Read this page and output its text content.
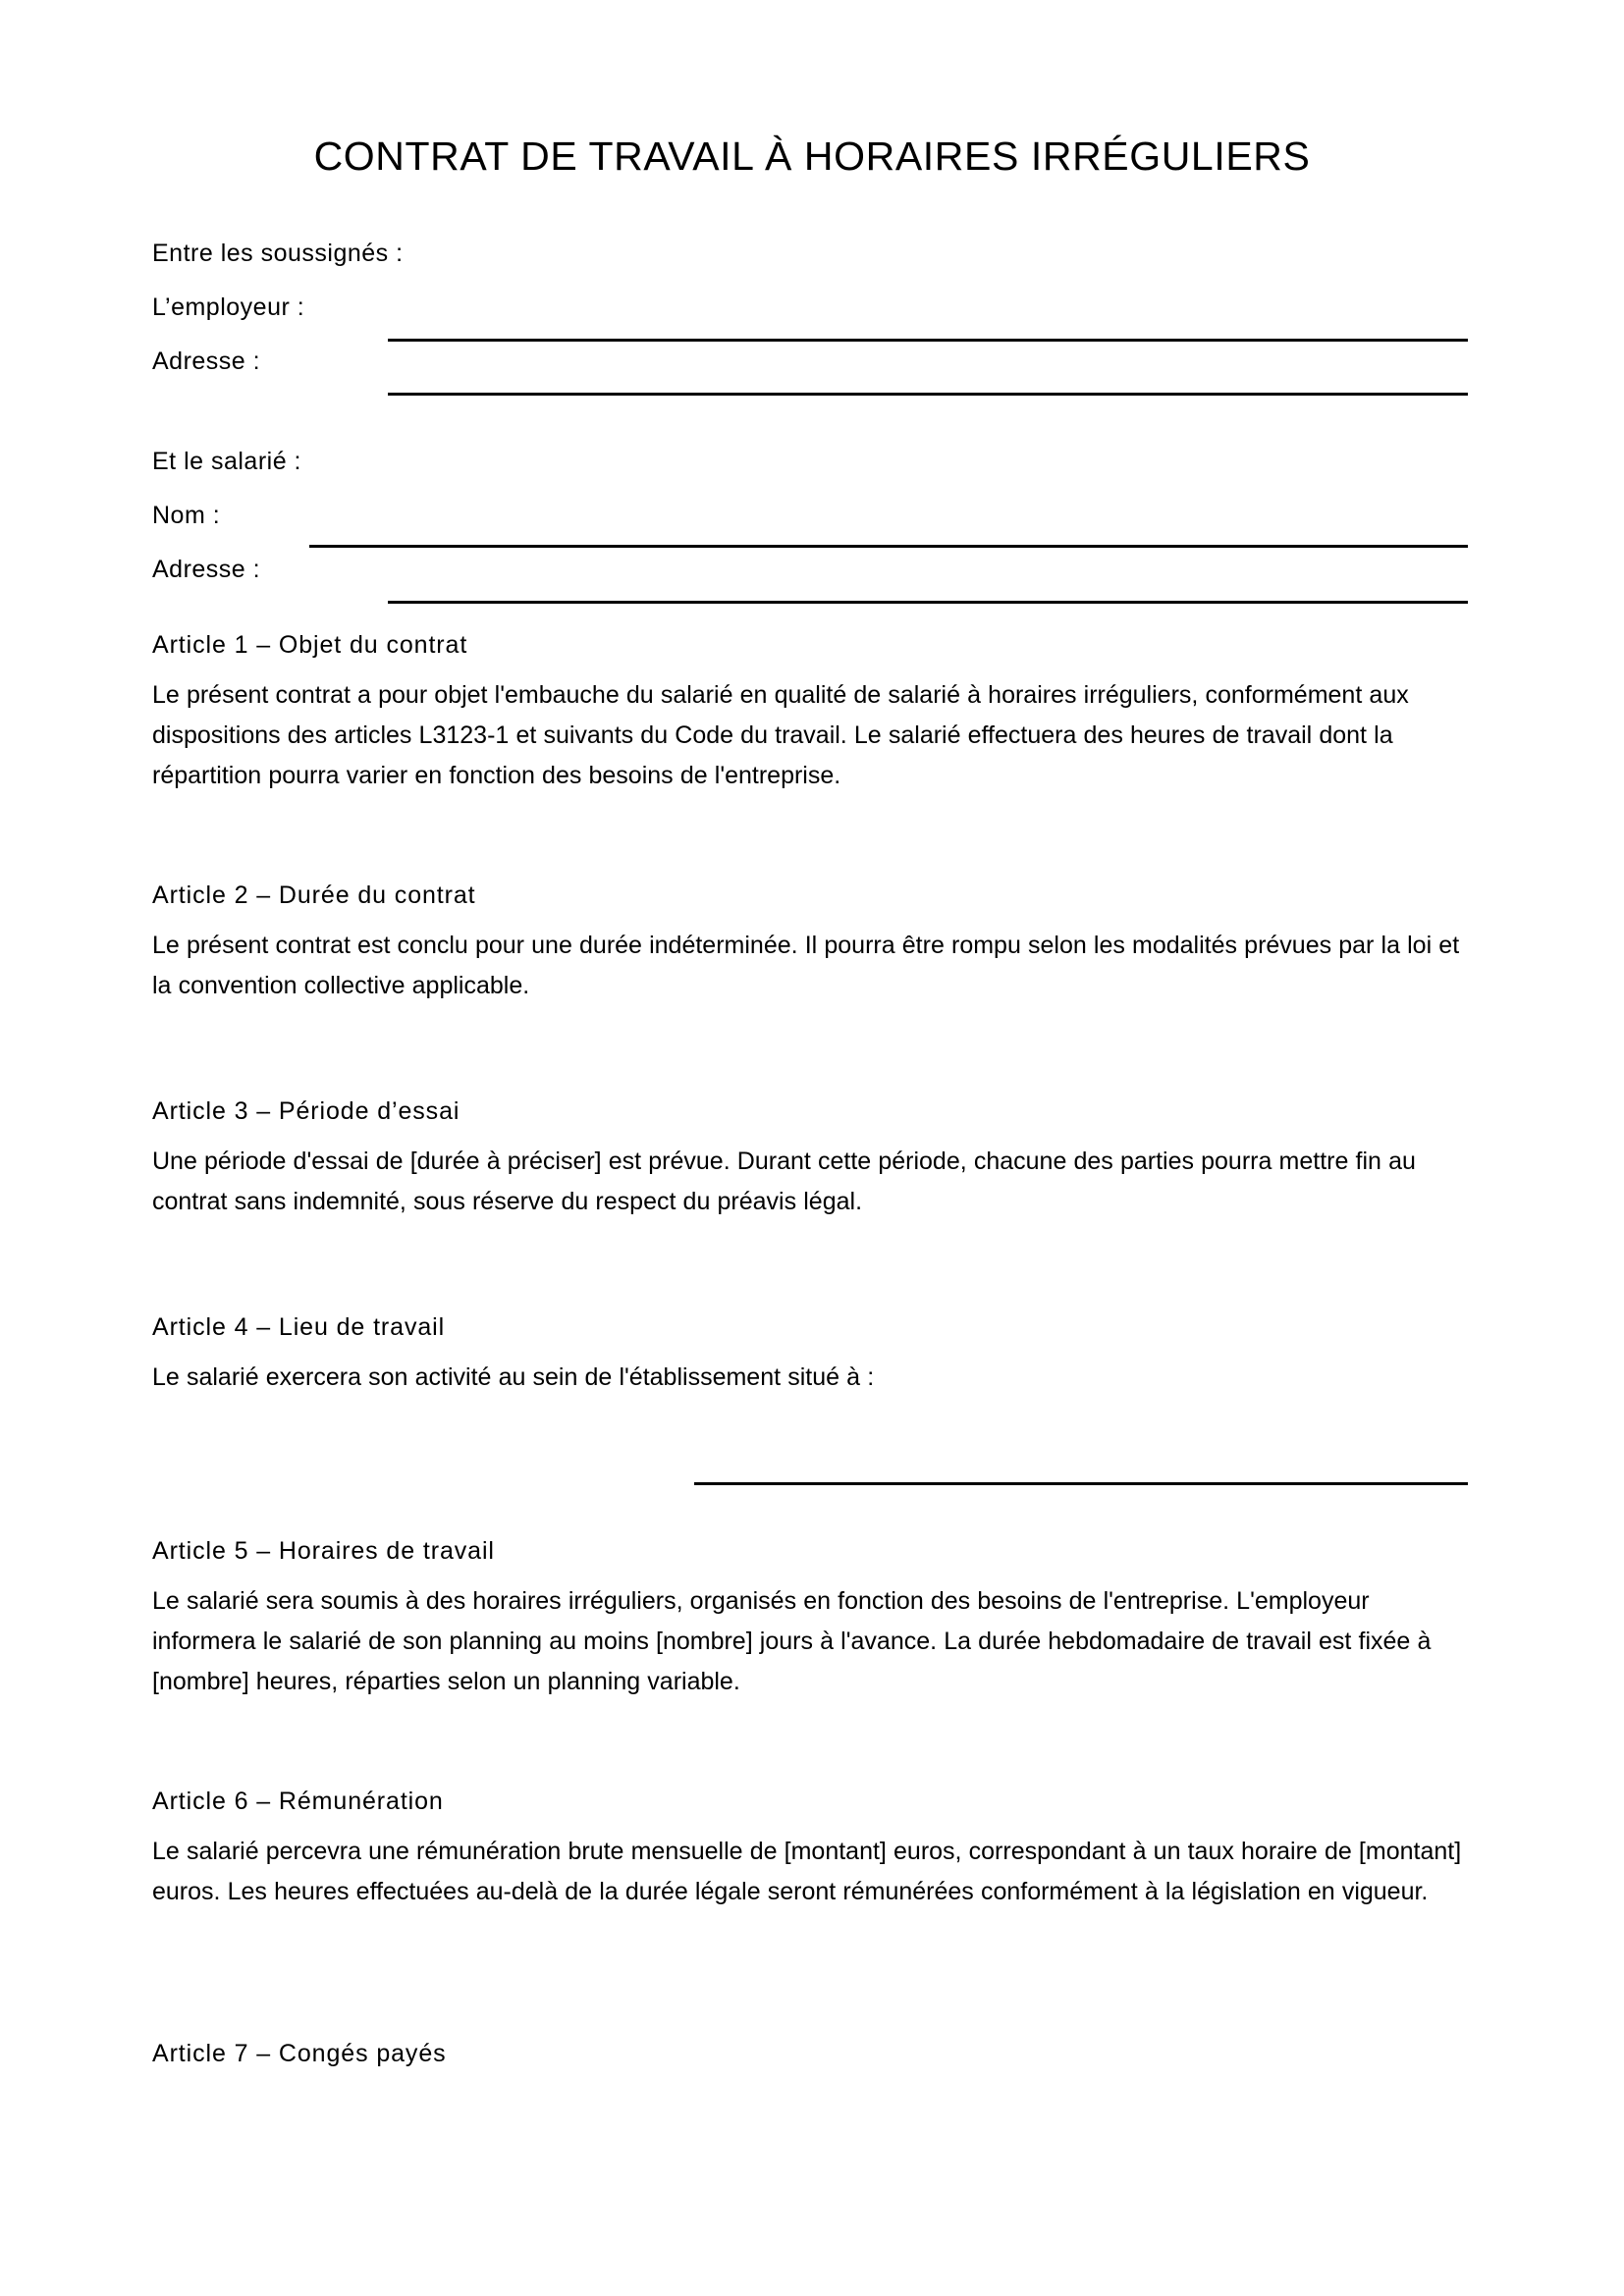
CONTRAT DE TRAVAIL À HORAIRES IRRÉGULIERS
Entre les soussignés :
L’employeur :
Adresse :
Et le salarié :
Nom :
Adresse :
Article 1 – Objet du contrat

Le présent contrat a pour objet l'embauche du salarié en qualité de salarié à horaires irréguliers, conformément aux dispositions des articles L3123-1 et suivants du Code du travail. Le salarié effectuera des heures de travail dont la répartition pourra varier en fonction des besoins de l'entreprise.

Article 2 – Durée du contrat

Le présent contrat est conclu pour une durée indéterminée. Il pourra être rompu selon les modalités prévues par la loi et la convention collective applicable.

Article 3 – Période d’essai

Une période d'essai de [durée à préciser] est prévue. Durant cette période, chacune des parties pourra mettre fin au contrat sans indemnité, sous réserve du respect du préavis légal.

Article 4 – Lieu de travail

Le salarié exercera son activité au sein de l'établissement situé à :

Article 5 – Horaires de travail

Le salarié sera soumis à des horaires irréguliers, organisés en fonction des besoins de l'entreprise. L'employeur informera le salarié de son planning au moins [nombre] jours à l'avance. La durée hebdomadaire de travail est fixée à [nombre] heures, réparties selon un planning variable.

Article 6 – Rémunération

Le salarié percevra une rémunération brute mensuelle de [montant] euros, correspondant à un taux horaire de [montant] euros. Les heures effectuées au-delà de la durée légale seront rémunérées conformément à la législation en vigueur.

Article 7 – Congés payés
